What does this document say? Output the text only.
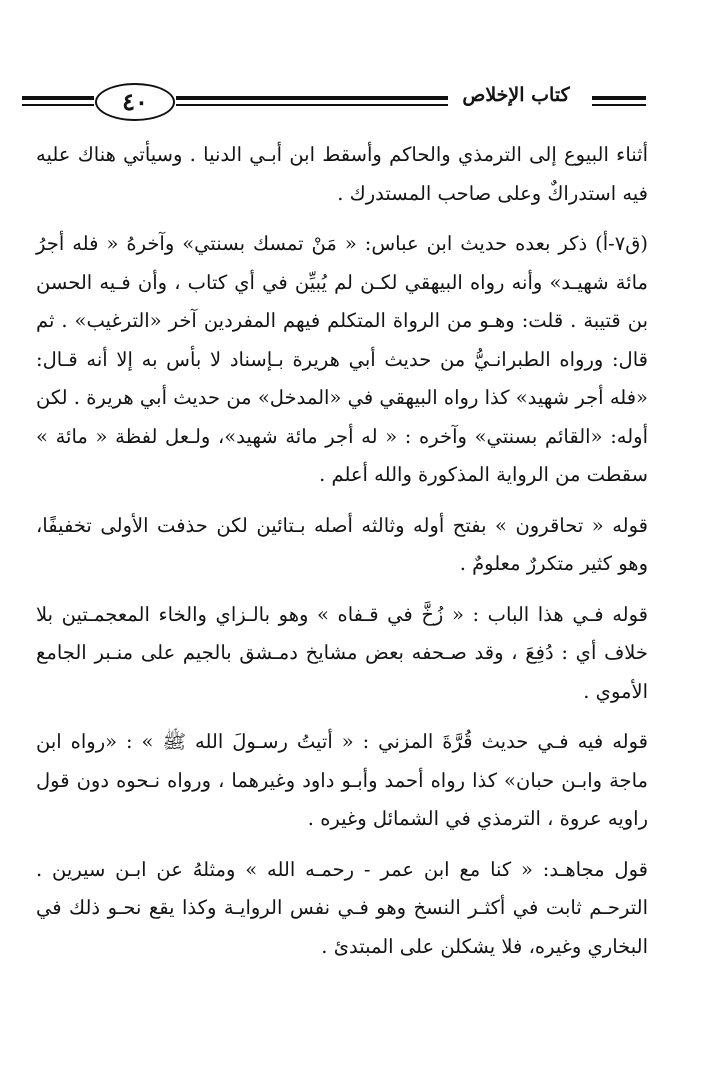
٤٠	كتاب الإخلاص

أثناء البيوع إلى الترمذي والحاكم وأسقط ابن أبـي الدنيا . وسيأتي هناك عليه فيه استدراكٌ وعلى صاحب المستدرك .

(ق٧-أ) ذكر بعده حديث ابن عباس: « مَنْ تمسك بسنتي» وآخرهُ « فله أجرُ مائة شهيـد» وأنه رواه البيهقي لكـن لم يُبيِّن في أي كتاب ، وأن فـيه الحسن بن قتيبة . قلت: وهـو من الرواة المتكلم فيهم المفردين آخر «الترغيب» . ثم قال: ورواه الطبرانـيُّ من حديث أبي هريرة بـإسناد لا بأس به إلا أنه قـال: «فله أجر شهيد» كذا رواه البيهقي في «المدخل» من حديث أبي هريرة . لكن أوله: «القائم بسنتي» وآخره : « له أجر مائة شهيد»، ولـعل لفظة « مائة » سقطت من الرواية المذكورة والله أعلم .

قوله « تحاقرون » بفتح أوله وثالثه أصله بـتائين لكن حذفت الأولى تخفيفًا، وهو كثير متكررٌ معلومٌ .

قوله فـي هذا الباب : « زُخَّ في قـفاه » وهو بالـزاي والخاء المعجمـتين بلا خلاف أي : دُفِعَ ، وقد صـحفه بعض مشايخ دمـشق بالجيم على منـبر الجامع الأموي .

قوله فيه فـي حديث قُرَّةَ المزني : « أتيتُ رسـولَ الله ﷺ » : «رواه ابن ماجة وابـن حبان» كذا رواه أحمد وأبـو داود وغيرهما ، ورواه نـحوه دون قول راويه عروة ، الترمذي في الشمائل وغيره .

قول مجاهـد: « كنا مع ابن عمر - رحمـه الله » ومثلهُ عن ابـن سيرين . الترحـم ثابت في أكثـر النسخ وهو فـي نفس الروايـة وكذا يقع نحـو ذلك في البخاري وغيره، فلا يشكلن على المبتدئ .
